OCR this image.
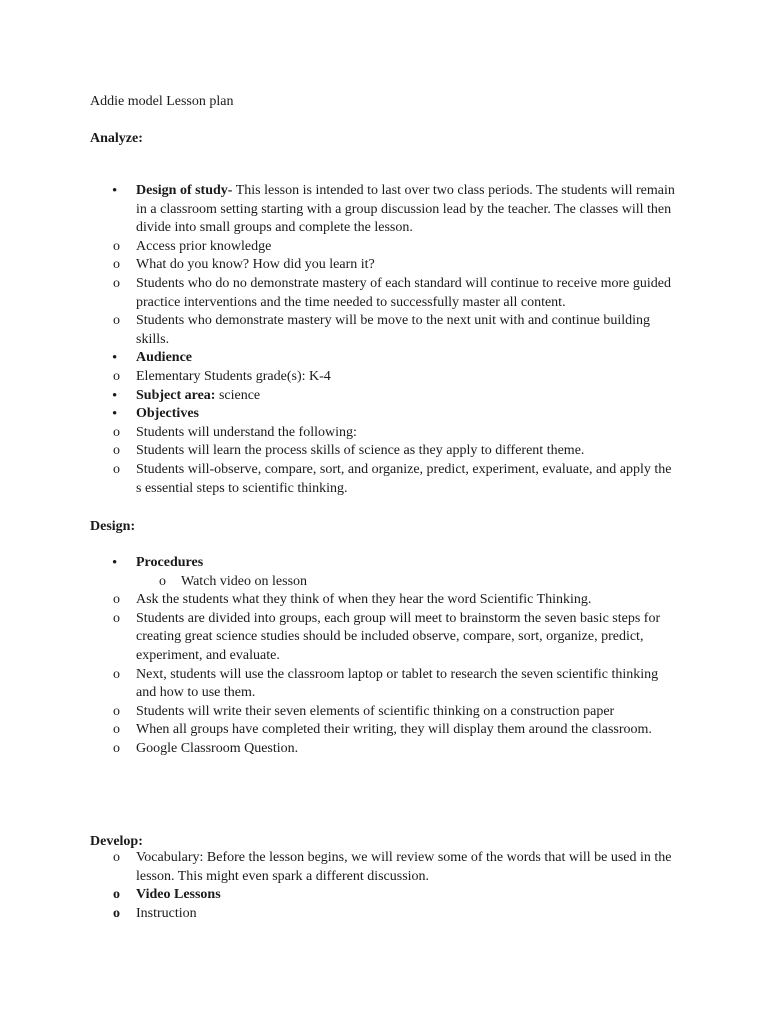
Addie model Lesson plan
Analyze:
•	Design of study- This lesson is intended to last over two class periods. The students will remain in a classroom setting starting with a group discussion lead by the teacher. The classes will then divide into small groups and complete the lesson.
o	Access prior knowledge
o	What do you know? How did you learn it?
o	Students who do no demonstrate mastery of each standard will continue to receive more guided practice interventions and the time needed to successfully master all content.
o	Students who demonstrate mastery will be move to the next unit with and continue building skills.
•	Audience
o	Elementary Students grade(s): K-4
•	Subject area: science
•	Objectives
o	Students will understand the following:
o	Students will learn the process skills of science as they apply to different theme.
o	Students will-observe, compare, sort, and organize, predict, experiment, evaluate, and apply the s essential steps to scientific thinking.
Design:
•	Procedures
o	Watch video on lesson
o	Ask the students what they think of when they hear the word Scientific Thinking.
o	Students are divided into groups, each group will meet to brainstorm the seven basic steps for creating great science studies should be included observe, compare, sort, organize, predict, experiment, and evaluate.
o	Next, students will use the classroom laptop or tablet to research the seven scientific thinking and how to use them.
o	Students will write their seven elements of scientific thinking on a construction paper
o	When all groups have completed their writing, they will display them around the classroom.
o	Google Classroom Question.
Develop:
o	Vocabulary: Before the lesson begins, we will review some of the words that will be used in the lesson. This might even spark a different discussion.
o	Video Lessons
o	Instruction
